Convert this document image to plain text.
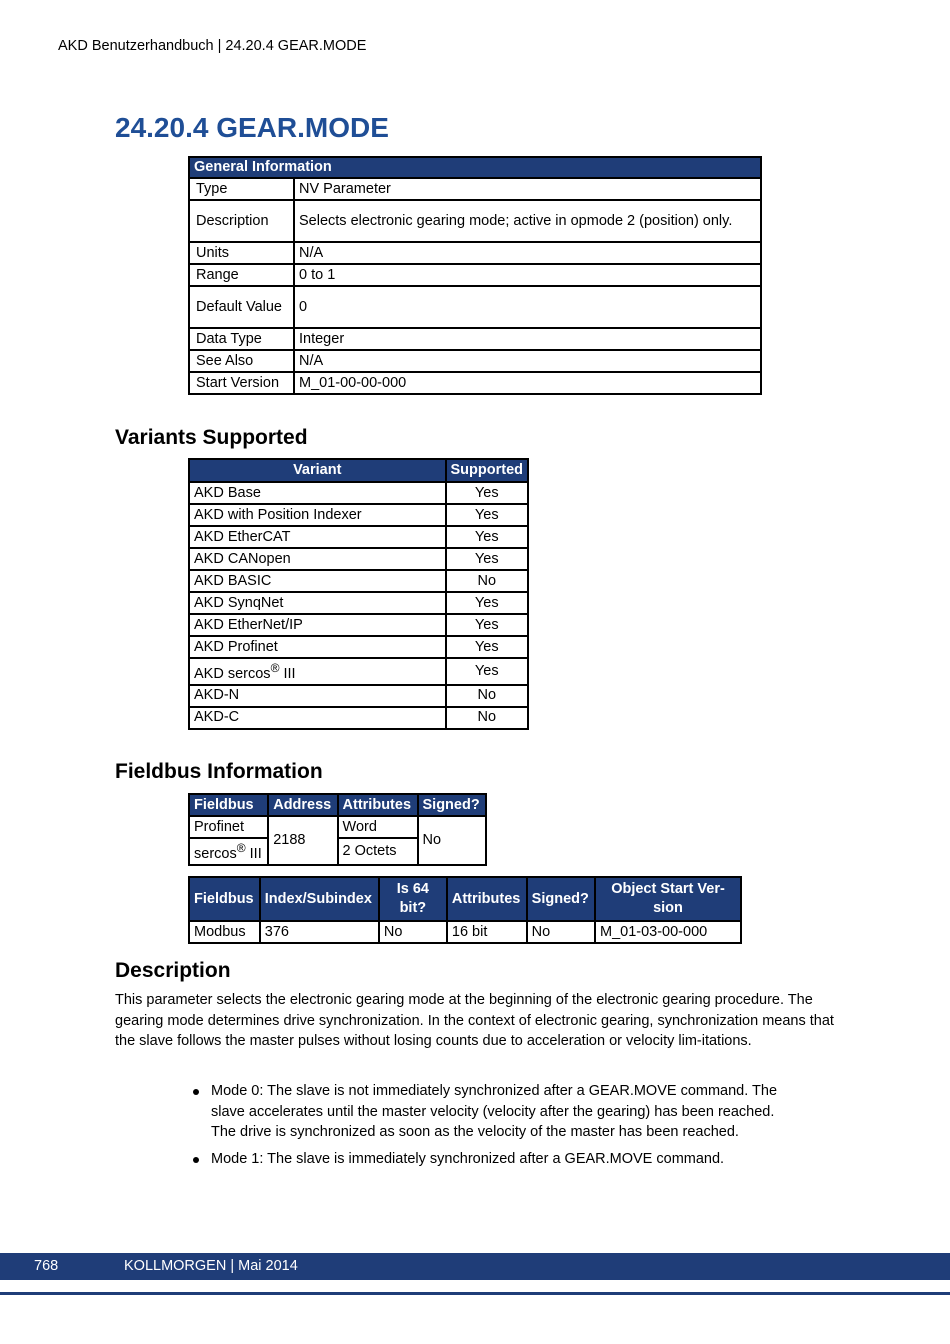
AKD Benutzerhandbuch | 24.20.4 GEAR.MODE
24.20.4 GEAR.MODE
General Information	
Type	NV Parameter
Description	Selects electronic gearing mode; active in opmode 2 (position) only.
Units	N/A
Range	0 to 1
Default Value	0
Data Type	Integer
See Also	N/A
Start Version	M_01-00-00-000
Variants Supported
Variant	Supported
AKD Base	Yes
AKD with Position Indexer	Yes
AKD EtherCAT	Yes
AKD CANopen	Yes
AKD BASIC	No
AKD SynqNet	Yes
AKD EtherNet/IP	Yes
AKD Profinet	Yes
AKD sercos® III	Yes
AKD-N	No
AKD-C	No
Fieldbus Information
Fieldbus	Address	Attributes	Signed?
Profinet	2188	Word	No
sercos® III		2 Octets	
Fieldbus	Index/Subindex	Is 64 bit?	Attributes	Signed?	Object Start Ver-sion
Modbus	376	No	16 bit	No	M_01-03-00-000
Description

This parameter selects the electronic gearing mode at the beginning of the electronic gearing procedure. The gearing mode determines drive synchronization. In the context of electronic gearing, synchronization means that the slave follows the master pulses without losing counts due to acceleration or velocity lim-itations.

Mode 0: The slave is not immediately synchronized after a GEAR.MOVE command. The slave accelerates until the master velocity (velocity after the gearing) has been reached. The drive is synchronized as soon as the velocity of the master has been reached.
Mode 1: The slave is immediately synchronized after a GEAR.MOVE command.
768	KOLLMORGEN | Mai 2014
